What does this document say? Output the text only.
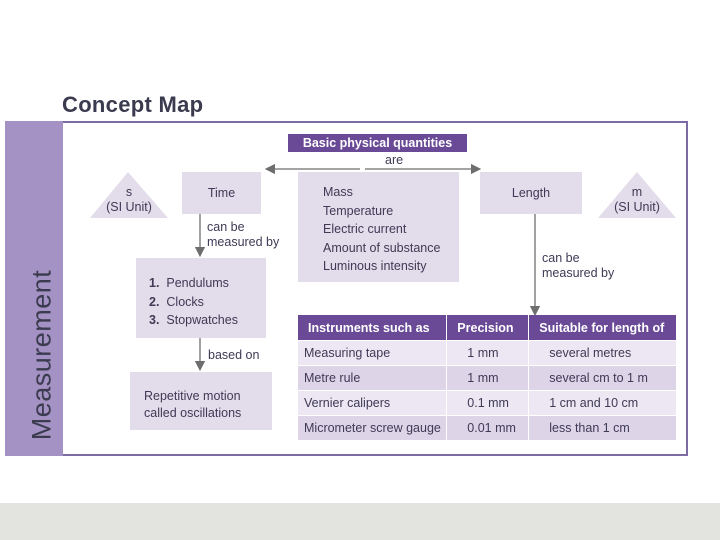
Concept Map
Measurement
Basic physical quantities
are
s
(SI Unit)
Time
can be
measured by
Mass
Temperature
Electric current
Amount of substance
Luminous intensity
Length	m
(SI Unit)
can be
measured by
1. Pendulums
2. Clocks
3. Stopwatches
based on
Repetitive motion
called oscillations
Instruments such as	Precision	Suitable for length of
Measuring tape	1 mm	several metres
Metre rule	1 mm	several cm to 1 m
Vernier calipers	0.1 mm	1 cm and 10 cm
Micrometer screw gauge	0.01 mm	less than 1 cm
